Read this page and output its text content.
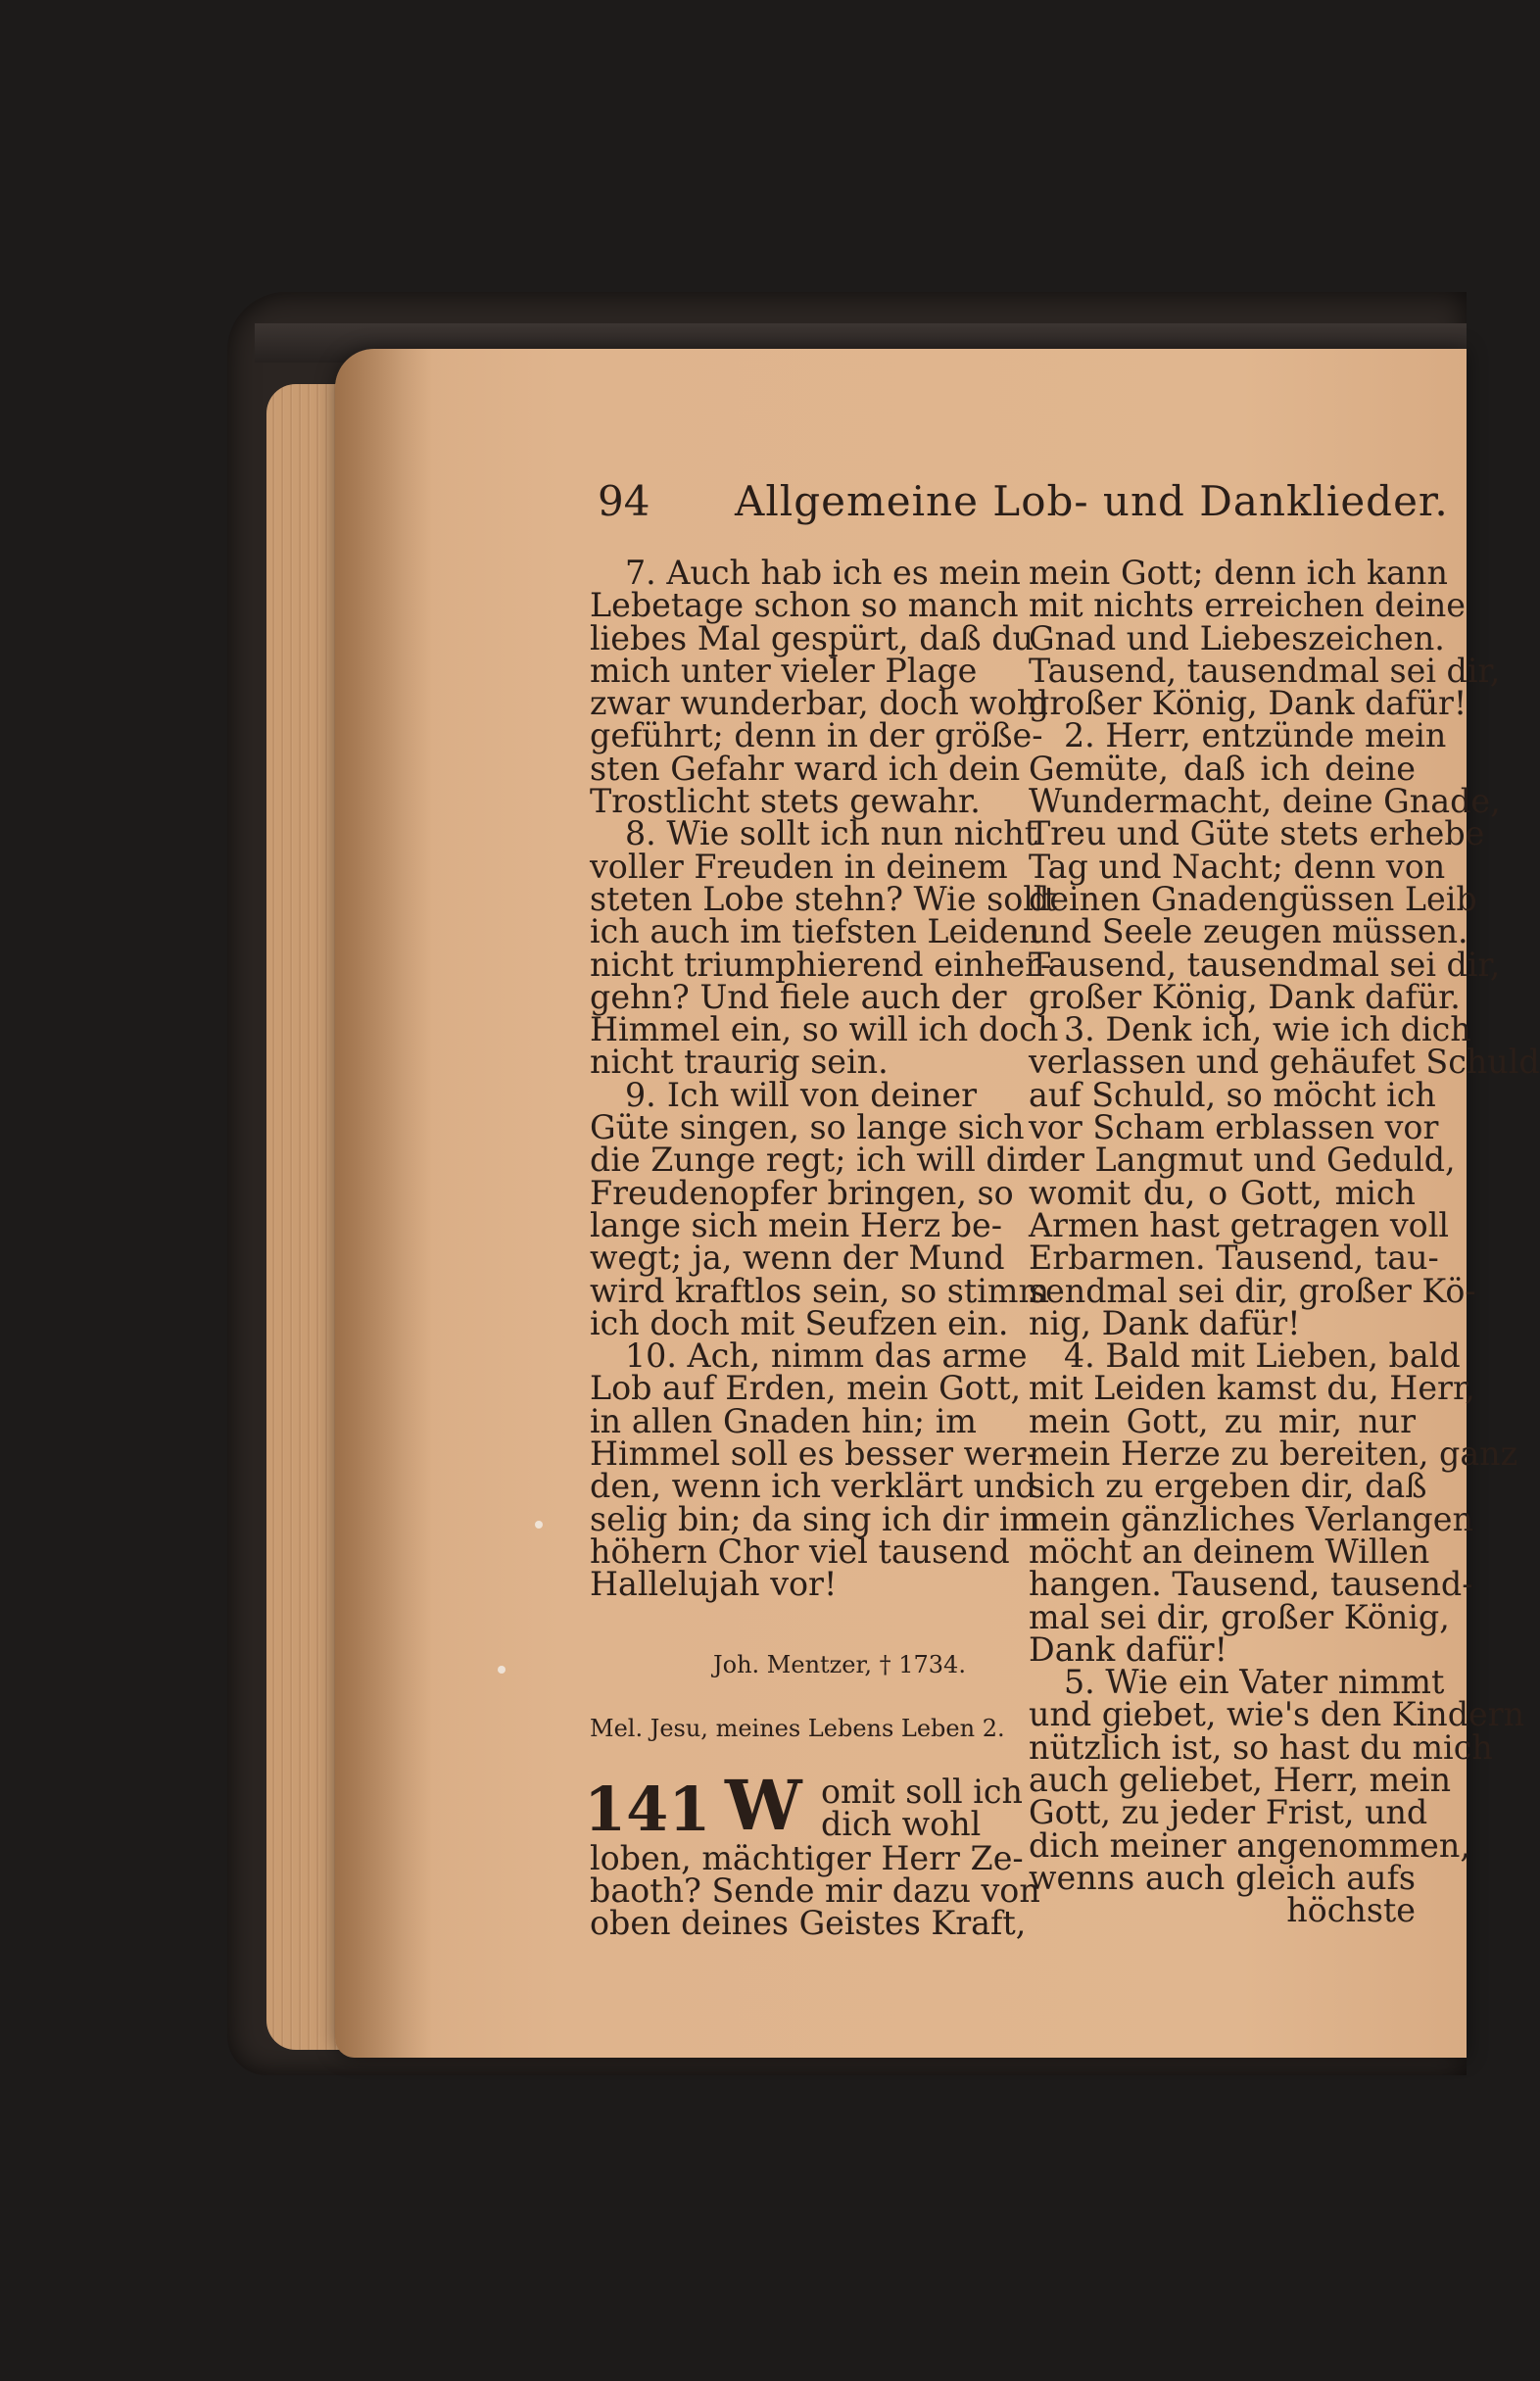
94 Allgemeine Lob- und Danklieder.
7. Auch hab ich es mein
Lebetage schon so manch
liebes Mal gespürt, daß du
mich unter vieler Plage
zwar wunderbar, doch wohl
geführt; denn in der größe-
sten Gefahr ward ich dein
Trostlicht stets gewahr.
8. Wie sollt ich nun nicht
voller Freuden in deinem
steten Lobe stehn? Wie sollt
ich auch im tiefsten Leiden
nicht triumphierend einher-
gehn? Und fiele auch der
Himmel ein, so will ich doch
nicht traurig sein.
9. Ich will von deiner
Güte singen, so lange sich
die Zunge regt; ich will dir
Freudenopfer bringen, so
lange sich mein Herz be-
wegt; ja, wenn der Mund
wird kraftlos sein, so stimm
ich doch mit Seufzen ein.
10. Ach, nimm das arme
Lob auf Erden, mein Gott,
in allen Gnaden hin; im
Himmel soll es besser wer-
den, wenn ich verklärt und
selig bin; da sing ich dir im
höhern Chor viel tausend
Hallelujah vor!
Joh. Mentzer, † 1734.
Mel. Jesu, meines Lebens Leben 2.
141 W omit soll ich
dich wohl
loben, mächtiger Herr Ze-
baoth? Sende mir dazu von
oben deines Geistes Kraft,
mein Gott; denn ich kann
mit nichts erreichen deine
Gnad und Liebeszeichen.
Tausend, tausendmal sei dir,
großer König, Dank dafür!
2. Herr, entzünde mein
Gemüte, daß ich deine
Wundermacht, deine Gnade,
Treu und Güte stets erhebe
Tag und Nacht; denn von
deinen Gnadengüssen Leib
und Seele zeugen müssen.
Tausend, tausendmal sei dir,
großer König, Dank dafür.
3. Denk ich, wie ich dich
verlassen und gehäufet Schuld
auf Schuld, so möcht ich
vor Scham erblassen vor
der Langmut und Geduld,
womit du, o Gott, mich
Armen hast getragen voll
Erbarmen. Tausend, tau-
sendmal sei dir, großer Kö-
nig, Dank dafür!
4. Bald mit Lieben, bald
mit Leiden kamst du, Herr,
mein Gott, zu mir, nur
mein Herze zu bereiten, ganz
sich zu ergeben dir, daß
mein gänzliches Verlangen
möcht an deinem Willen
hangen. Tausend, tausend-
mal sei dir, großer König,
Dank dafür!
5. Wie ein Vater nimmt
und giebet, wie's den Kindern
nützlich ist, so hast du mich
auch geliebet, Herr, mein
Gott, zu jeder Frist, und
dich meiner angenommen,
wenns auch gleich aufs
höchste
